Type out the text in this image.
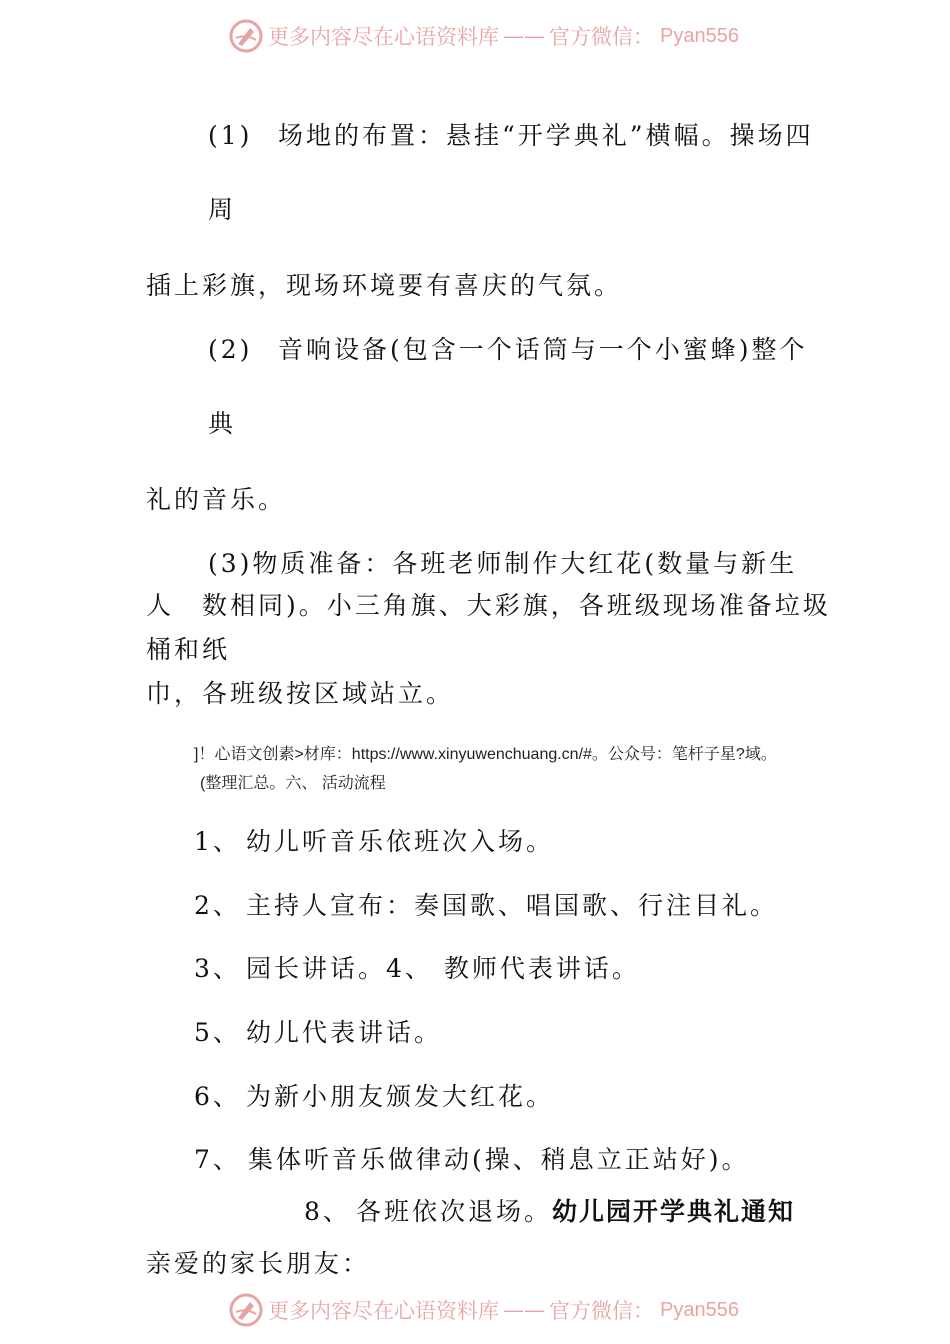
更多内容尽在心语资料库 —— 官方微信： Pyan556
(1) 场地的布置：悬挂“开学典礼”横幅。操场四
周
插上彩旗，现场环境要有喜庆的气氛。
(2) 音响设备(包含一个话筒与一个小蜜蜂)整个
典
礼的音乐。
(3)物质准备：各班老师制作大红花(数量与新生
人　数相同)。小三角旗、大彩旗，各班级现场准备垃圾
桶和纸
巾，各班级按区域站立。
]！心语文创素>材库：https://www.xinyuwenchuang.cn/#。公众号：笔杆子星?域。
(整理汇总。六、 活动流程
1、 幼儿听音乐依班次入场。
2、 主持人宣布：奏国歌、唱国歌、行注目礼。
3、 园长讲话。4、 教师代表讲话。
5、 幼儿代表讲话。
6、 为新小朋友颁发大红花。
7、 集体听音乐做律动(操、稍息立正站好)。
8、 各班依次退场。幼儿园开学典礼通知
亲爱的家长朋友：
更多内容尽在心语资料库 —— 官方微信： Pyan556
